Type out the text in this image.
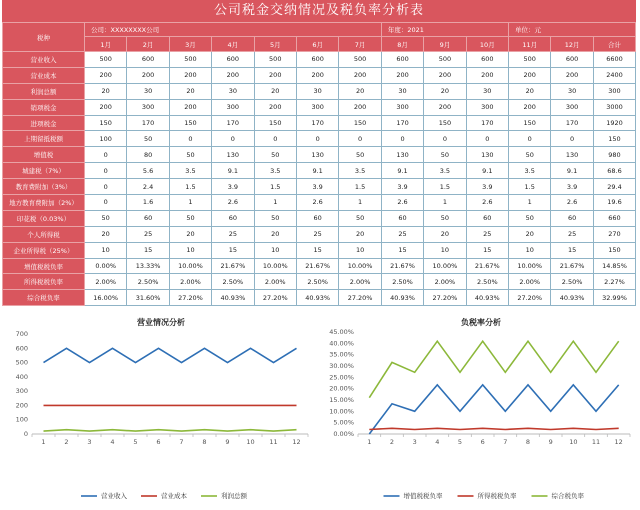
公司税金交纳情况及税负率分析表
税种	公司：XXXXXXXX公司							年度：2021			单位：元		
	1月	2月	3月	4月	5月	6月	7月	8月	9月	10月	11月	12月	合计
营业收入	500	600	500	600	500	600	500	600	500	600	500	600	6600
营业成本	200	200	200	200	200	200	200	200	200	200	200	200	2400
利润总额	20	30	20	30	20	30	20	30	20	30	20	30	300
销项税金	200	300	200	300	200	300	200	300	200	300	200	300	3000
进项税金	150	170	150	170	150	170	150	170	150	170	150	170	1920
上期留抵税额	100	50	0	0	0	0	0	0	0	0	0	0	150
增值税	0	80	50	130	50	130	50	130	50	130	50	130	980
城建税（7%）	0	5.6	3.5	9.1	3.5	9.1	3.5	9.1	3.5	9.1	3.5	9.1	68.6
教育费附加（3%）	0	2.4	1.5	3.9	1.5	3.9	1.5	3.9	1.5	3.9	1.5	3.9	29.4
地方教育费附加（2%）	0	1.6	1	2.6	1	2.6	1	2.6	1	2.6	1	2.6	19.6
印花税（0.03%）	50	60	50	60	50	60	50	60	50	60	50	60	660
个人所得税	20	25	20	25	20	25	20	25	20	25	20	25	270
企业所得税（25%）	10	15	10	15	10	15	10	15	10	15	10	15	150
增值税税负率	0.00%	13.33%	10.00%	21.67%	10.00%	21.67%	10.00%	21.67%	10.00%	21.67%	10.00%	21.67%	14.85%
所得税税负率	2.00%	2.50%	2.00%	2.50%	2.00%	2.50%	2.00%	2.50%	2.00%	2.50%	2.00%	2.50%	2.27%
综合税负率	16.00%	31.60%	27.20%	40.93%	27.20%	40.93%	27.20%	40.93%	27.20%	40.93%	27.20%	40.93%	32.99%
营业情况分析
0
100
200
300
400
500
600
700
1	2	3	4	5	6	7	8	9	10 11 12
营业收入	营业成本	利润总额
负税率分析
0.00%
5.00%
10.00%
15.00%
20.00%
25.00%
30.00%
35.00%
40.00%
45.00%
1	2	3	4	5	6	7	8	9	10 11 12
增值税税负率	所得税税负率	综合税负率
